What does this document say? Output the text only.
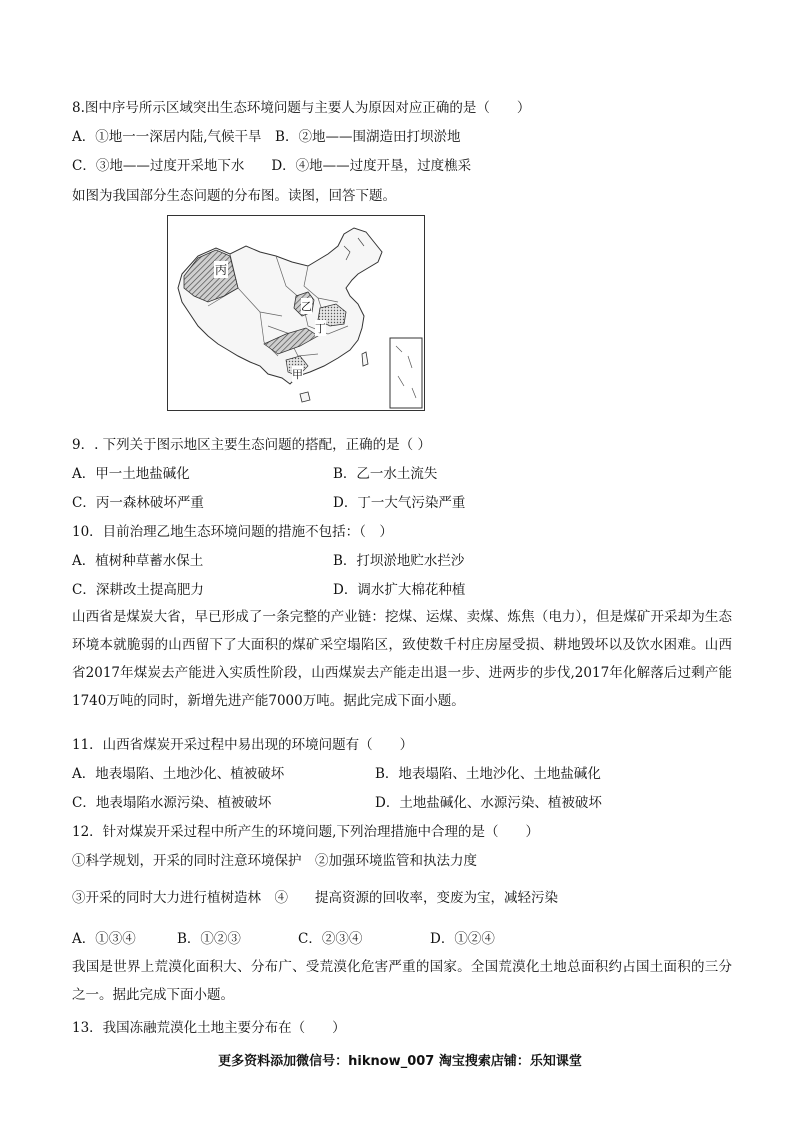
8.图中序号所示区域突出生态环境问题与主要人为原因对应正确的是（　　）
A．①地一一深居内陆,气候干旱　B．②地——围湖造田打坝淤地
C．③地——过度开采地下水　　D．④地——过度开垦，过度樵采
如图为我国部分生态问题的分布图。读图，回答下题。
丙
乙
丁
甲
9．. 下列关于图示地区主要生态问题的搭配，正确的是（ ）
A．甲一土地盐碱化	B．乙一水土流失
C．丙一森林破坏严重	D．丁一大气污染严重
10．目前治理乙地生态环境问题的措施不包括：（　）
A．植树种草蓄水保土	B．打坝淤地贮水拦沙
C．深耕改土提高肥力	D．调水扩大棉花种植
山西省是煤炭大省，早已形成了一条完整的产业链：挖煤、运煤、卖煤、炼焦（电力），但是煤矿开采却为生态环境本就脆弱的山西留下了大面积的煤矿采空塌陷区，致使数千村庄房屋受损、耕地毁坏以及饮水困难。山西省2017年煤炭去产能进入实质性阶段，山西煤炭去产能走出退一步、进两步的步伐,2017年化解落后过剩产能1740万吨的同时，新增先进产能7000万吨。据此完成下面小题。
11．山西省煤炭开采过程中易出现的环境问题有（　　）
A．地表塌陷、土地沙化、植被破坏	B．地表塌陷、土地沙化、土地盐碱化
C．地表塌陷水源污染、植被破坏	D．土地盐碱化、水源污染、植被破坏
12．针对煤炭开采过程中所产生的环境问题,下列治理措施中合理的是（　　）
①科学规划，开采的同时注意环境保护　②加强环境监管和执法力度
③开采的同时大力进行植树造林　④　　提高资源的回收率，变废为宝，减轻污染
A．①③④	B．①②③	C．②③④	D．①②④
我国是世界上荒漠化面积大、分布广、受荒漠化危害严重的国家。全国荒漠化土地总面积约占国土面积的三分之一。据此完成下面小题。
13．我国冻融荒漠化土地主要分布在（　　）
更多资料添加微信号：hiknow_007 淘宝搜索店铺：乐知课堂
